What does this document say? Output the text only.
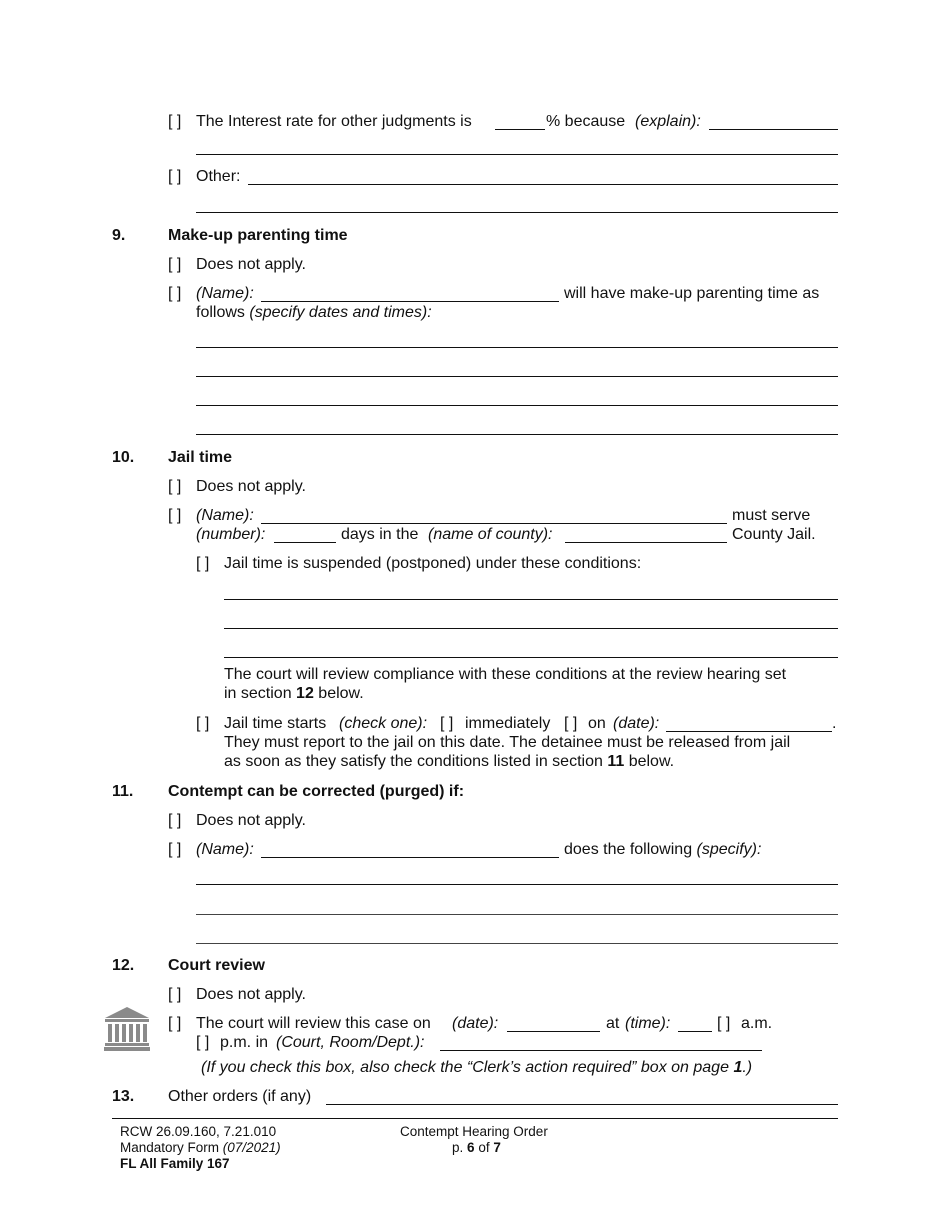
[ ] The Interest rate for other judgments is	% because (explain):
[ ] Other:
9.	Make-up parenting time
[ ] Does not apply.
[ ] (Name):	will have make-up parenting time as
follows (specify dates and times):
10. Jail time
[ ] Does not apply.
[ ] (Name):	must serve
(number):	days in the (name of county):	County Jail.
[ ] Jail time is suspended (postponed) under these conditions:
The court will review compliance with these conditions at the review hearing set
in section 12 below.
[ ] Jail time starts (check one): [ ] immediately [ ] on (date):	.
They must report to the jail on this date. The detainee must be released from jail
as soon as they satisfy the conditions listed in section 11 below.
11. Contempt can be corrected (purged) if:
[ ] Does not apply.
[ ] (Name):	does the following (specify):
12. Court review
[ ] Does not apply.
[ ] The court will review this case on (date):	at (time):	[ ] a.m.
[ ] p.m. in (Court, Room/Dept.):
(If you check this box, also check the “Clerk’s action required” box on page 1.)
13. Other orders (if any)
RCW 26.09.160, 7.21.010
Mandatory Form (07/2021)
FL All Family 167
Contempt Hearing Order
p. 6 of 7
